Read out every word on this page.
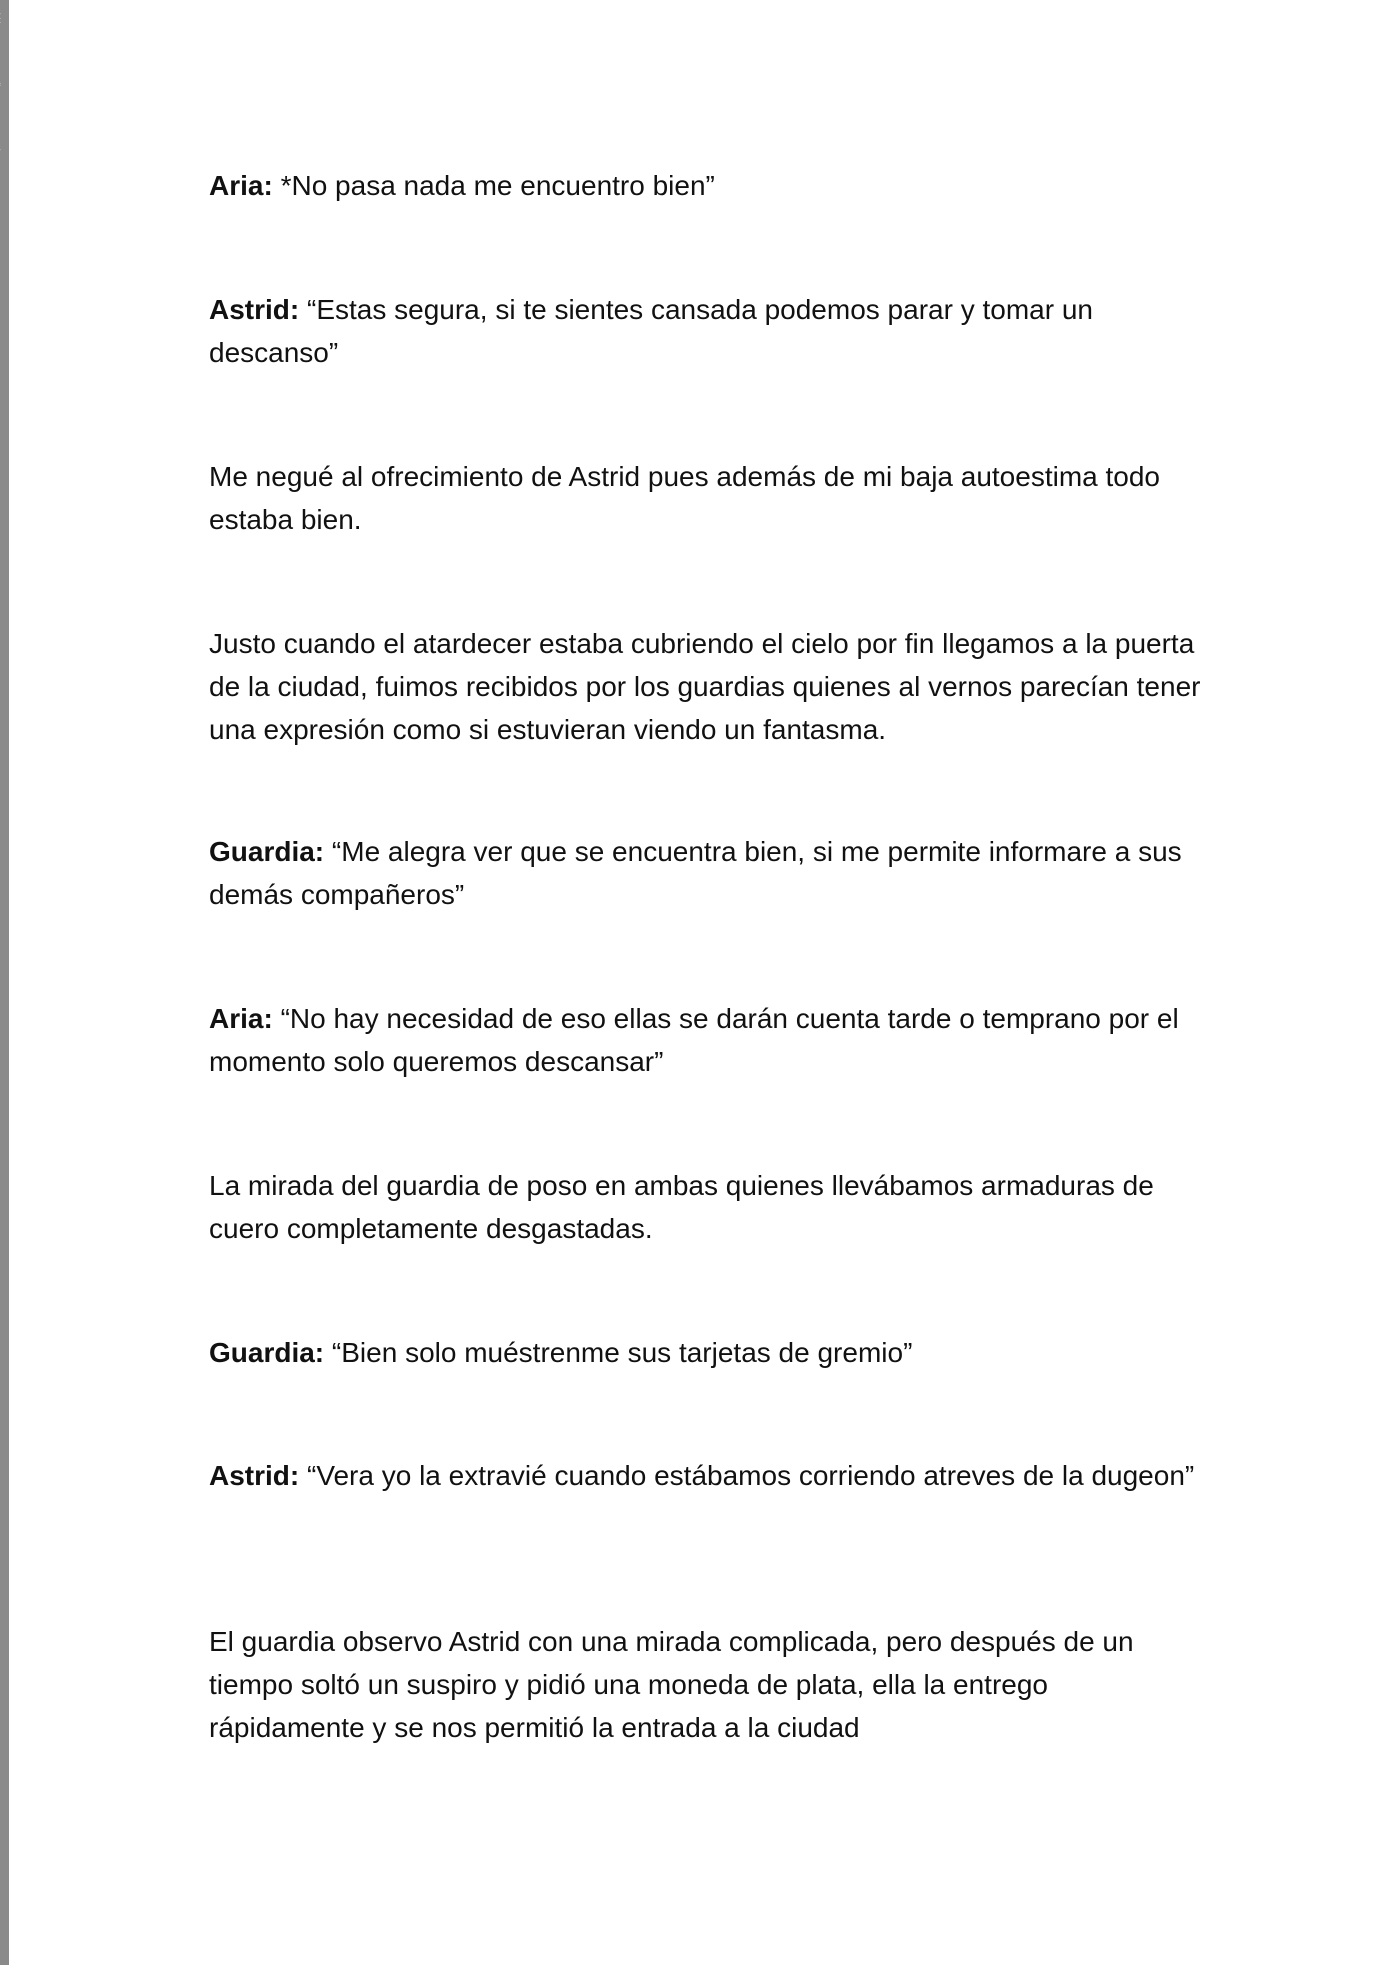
Aria: *No pasa nada me encuentro bien”

Astrid: “Estas segura, si te sientes cansada podemos parar y tomar un descanso”

Me negué al ofrecimiento de Astrid pues además de mi baja autoestima todo estaba bien.

Justo cuando el atardecer estaba cubriendo el cielo por fin llegamos a la puerta de la ciudad, fuimos recibidos por los guardias quienes al vernos parecían tener una expresión como si estuvieran viendo un fantasma.

Guardia: “Me alegra ver que se encuentra bien, si me permite informare a sus demás compañeros”

Aria: “No hay necesidad de eso ellas se darán cuenta tarde o temprano por el momento solo queremos descansar”

La mirada del guardia de poso en ambas quienes llevábamos armaduras de cuero completamente desgastadas.

Guardia: “Bien solo muéstrenme sus tarjetas de gremio”

Astrid: “Vera yo la extravié cuando estábamos corriendo atreves de la dugeon”

El guardia observo Astrid con una mirada complicada, pero después de un tiempo soltó un suspiro y pidió una moneda de plata, ella la entrego rápidamente y se nos permitió la entrada a la ciudad
